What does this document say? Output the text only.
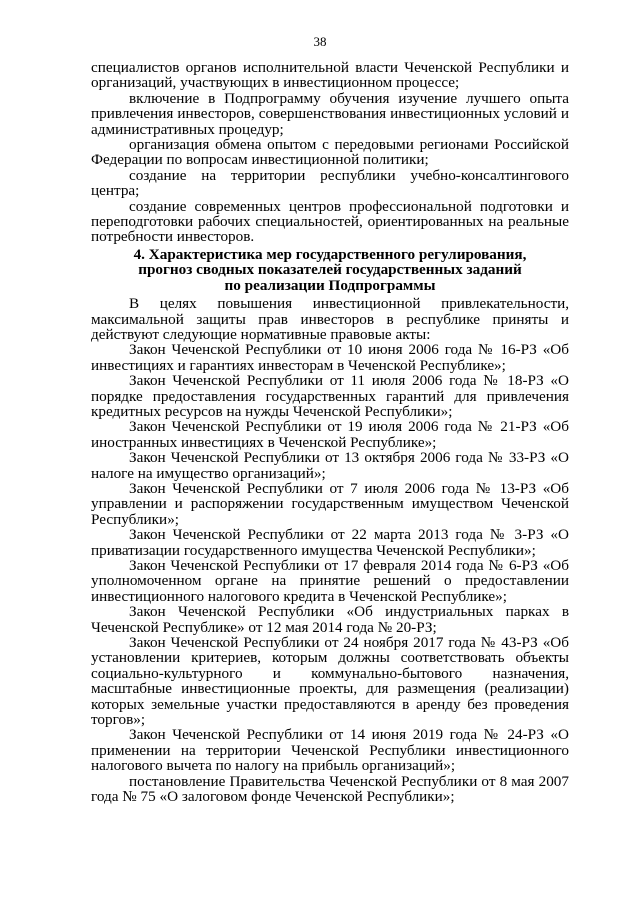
38

специалистов органов исполнительной власти Чеченской Республики и организаций, участвующих в инвестиционном процессе;

включение в Подпрограмму обучения изучение лучшего опыта привлечения инвесторов, совершенствования инвестиционных условий и административных процедур;

организация обмена опытом с передовыми регионами Российской Федерации по вопросам инвестиционной политики;

создание на территории республики учебно-консалтингового центра;

создание современных центров профессиональной подготовки и переподготовки рабочих специальностей, ориентированных на реальные потребности инвесторов.

4. Характеристика мер государственного регулирования,
прогноз сводных показателей государственных заданий
по реализации Подпрограммы

В целях повышения инвестиционной привлекательности, максимальной защиты прав инвесторов в республике приняты и действуют следующие нормативные правовые акты:

Закон Чеченской Республики от 10 июня 2006 года № 16-РЗ «Об инвестициях и гарантиях инвесторам в Чеченской Республике»;

Закон Чеченской Республики от 11 июля 2006 года № 18-РЗ «О порядке предоставления государственных гарантий для привлечения кредитных ресурсов на нужды Чеченской Республики»;

Закон Чеченской Республики от 19 июля 2006 года № 21-РЗ «Об иностранных инвестициях в Чеченской Республике»;

Закон Чеченской Республики от 13 октября 2006 года № 33-РЗ «О налоге на имущество организаций»;

Закон Чеченской Республики от 7 июля 2006 года № 13-РЗ «Об управлении и распоряжении государственным имуществом Чеченской Республики»;

Закон Чеченской Республики от 22 марта 2013 года № 3-РЗ «О приватизации государственного имущества Чеченской Республики»;

Закон Чеченской Республики от 17 февраля 2014 года № 6-РЗ «Об уполномоченном органе на принятие решений о предоставлении инвестиционного налогового кредита в Чеченской Республике»;

Закон Чеченской Республики «Об индустриальных парках в Чеченской Республике» от 12 мая 2014 года № 20-РЗ;

Закон Чеченской Республики от 24 ноября 2017 года № 43-РЗ «Об установлении критериев, которым должны соответствовать объекты социально-культурного и коммунально-бытового назначения, масштабные инвестиционные проекты, для размещения (реализации) которых земельные участки предоставляются в аренду без проведения торгов»;

Закон Чеченской Республики от 14 июня 2019 года № 24-РЗ «О применении на территории Чеченской Республики инвестиционного налогового вычета по налогу на прибыль организаций»;

постановление Правительства Чеченской Республики от 8 мая 2007 года № 75 «О залоговом фонде Чеченской Республики»;
